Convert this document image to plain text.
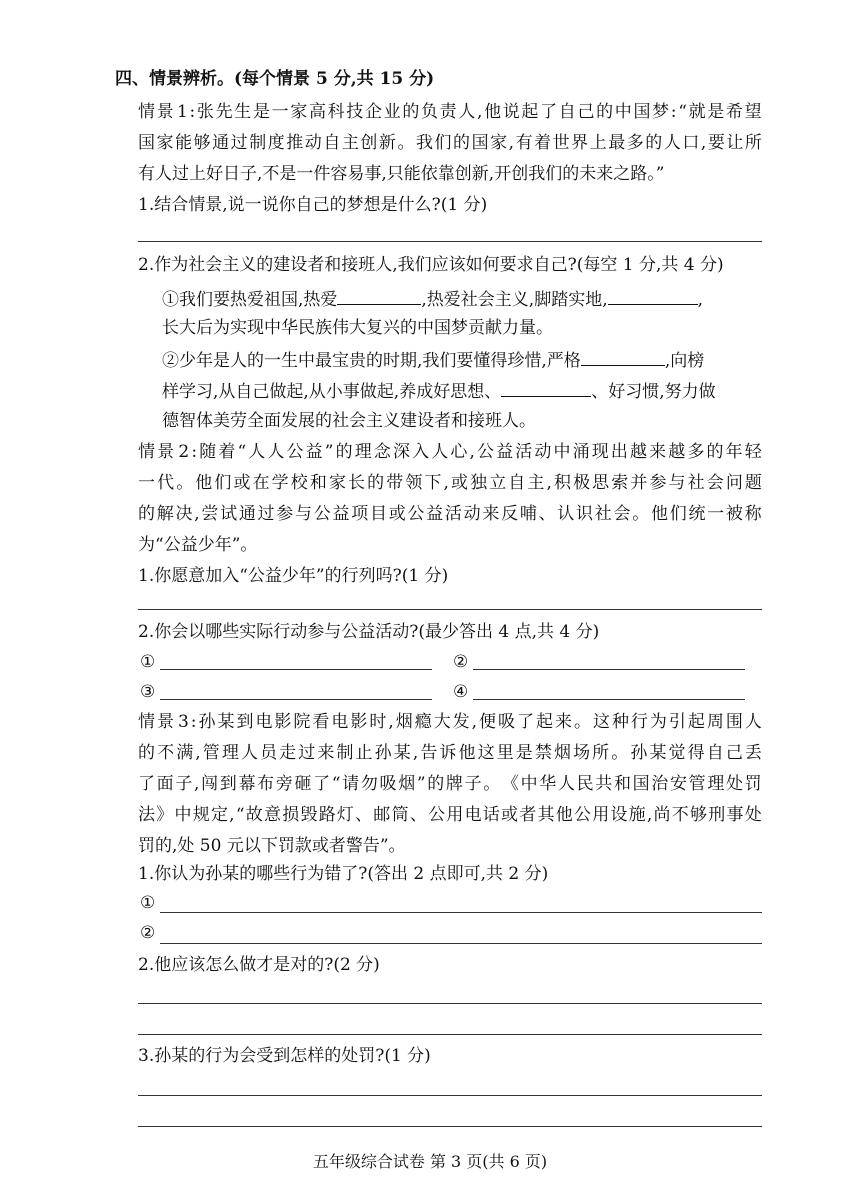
四、情景辨析。(每个情景 5 分,共 15 分)
情 景 1 : 张 先 生 是 一 家 高 科 技 企 业 的 负 责 人 , 他 说 起 了 自 己 的 中 国 梦 : “ 就 是 希 望
国 家 能 够 通 过 制 度 推 动 自 主 创 新 。 我 们 的 国 家 , 有 着 世 界 上 最 多 的 人 口 , 要 让 所
有人过上好日子,不是一件容易事,只能依靠创新,开创我们的未来之路。”
1.结合情景,说一说你自己的梦想是什么?(1 分)
2.作为社会主义的建设者和接班人,我们应该如何要求自己?(每空 1 分,共 4 分)
①我们要热爱祖国,热爱	,热爱社会主义,脚踏实地,	,
长大后为实现中华民族伟大复兴的中国梦贡献力量。
②少年是人的一生中最宝贵的时期,我们要懂得珍惜,严格	,向榜
样学习,从自己做起,从小事做起,养成好思想、	、好习惯,努力做
德智体美劳全面发展的社会主义建设者和接班人。
情 景 2 : 随 着 “ 人 人 公 益 ” 的 理 念 深 入 人 心 , 公 益 活 动 中 涌 现 出 越 来 越 多 的 年 轻
一 代 。 他 们 或 在 学 校 和 家 长 的 带 领 下 , 或 独 立 自 主 , 积 极 思 索 并 参 与 社 会 问 题
的 解 决 , 尝 试 通 过 参 与 公 益 项 目 或 公 益 活 动 来 反 哺 、 认 识 社 会 。 他 们 统 一 被 称
为“公益少年”。
1.你愿意加入“公益少年”的行列吗?(1 分)
2.你会以哪些实际行动参与公益活动?(最少答出 4 点,共 4 分)
①	②
③	④
情 景 3 : 孙 某 到 电 影 院 看 电 影 时 , 烟 瘾 大 发 , 便 吸 了 起 来 。 这 种 行 为 引 起 周 围 人
的 不 满 , 管 理 人 员 走 过 来 制 止 孙 某 , 告 诉 他 这 里 是 禁 烟 场 所 。 孙 某 觉 得 自 己 丢
了 面 子 , 闯 到 幕 布 旁 砸 了 “ 请 勿 吸 烟 ” 的 牌 子 。 《 中 华 人 民 共 和 国 治 安 管 理 处 罚
法 》 中 规 定 , “ 故 意 损 毁 路 灯 、 邮 筒 、 公 用 电 话 或 者 其 他 公 用 设 施 , 尚 不 够 刑 事 处
罚的,处 50 元以下罚款或者警告”。
1.你认为孙某的哪些行为错了?(答出 2 点即可,共 2 分)
①
②
2.他应该怎么做才是对的?(2 分)
3.孙某的行为会受到怎样的处罚?(1 分)
五年级综合试卷 第 3 页(共 6 页)
